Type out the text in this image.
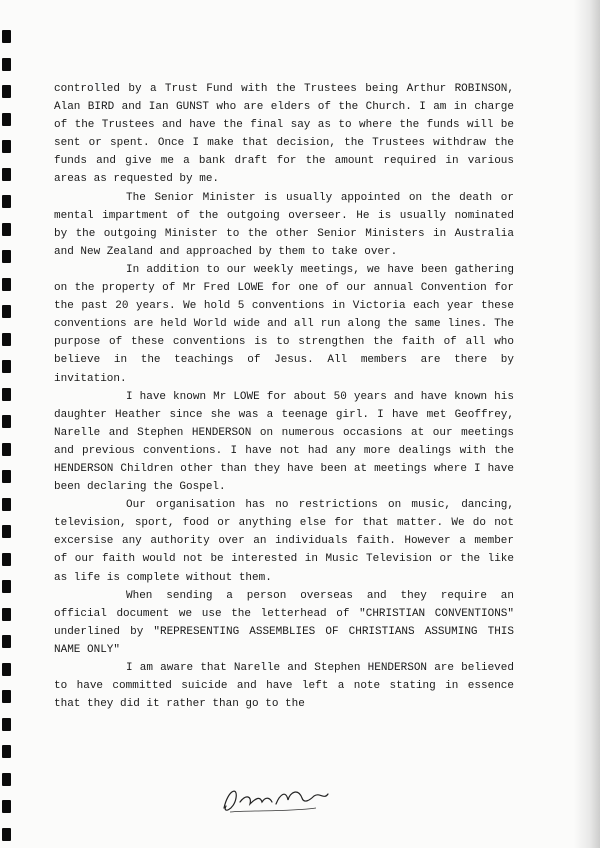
controlled by a Trust Fund with the Trustees being Arthur ROBINSON, Alan BIRD and Ian GUNST who are elders of the Church. I am in charge of the Trustees and have the final say as to where the funds will be sent or spent. Once I make that decision, the Trustees withdraw the funds and give me a bank draft for the amount required in various areas as requested by me.

The Senior Minister is usually appointed on the death or mental impartment of the outgoing overseer. He is usually nominated by the outgoing Minister to the other Senior Ministers in Australia and New Zealand and approached by them to take over.

In addition to our weekly meetings, we have been gathering on the property of Mr Fred LOWE for one of our annual Convention for the past 20 years. We hold 5 conventions in Victoria each year these conventions are held World wide and all run along the same lines. The purpose of these conventions is to strengthen the faith of all who believe in the teachings of Jesus. All members are there by invitation.

I have known Mr LOWE for about 50 years and have known his daughter Heather since she was a teenage girl. I have met Geoffrey, Narelle and Stephen HENDERSON on numerous occasions at our meetings and previous conventions. I have not had any more dealings with the HENDERSON Children other than they have been at meetings where I have been declaring the Gospel.

Our organisation has no restrictions on music, dancing, television, sport, food or anything else for that matter. We do not excersise any authority over an individuals faith. However a member of our faith would not be interested in Music Television or the like as life is complete without them.

When sending a person overseas and they require an official document we use the letterhead of "CHRISTIAN CONVENTIONS" underlined by "REPRESENTING ASSEMBLIES OF CHRISTIANS ASSUMING THIS NAME ONLY"

I am aware that Narelle and Stephen HENDERSON are believed to have committed suicide and have left a note stating in essence that they did it rather than go to the
